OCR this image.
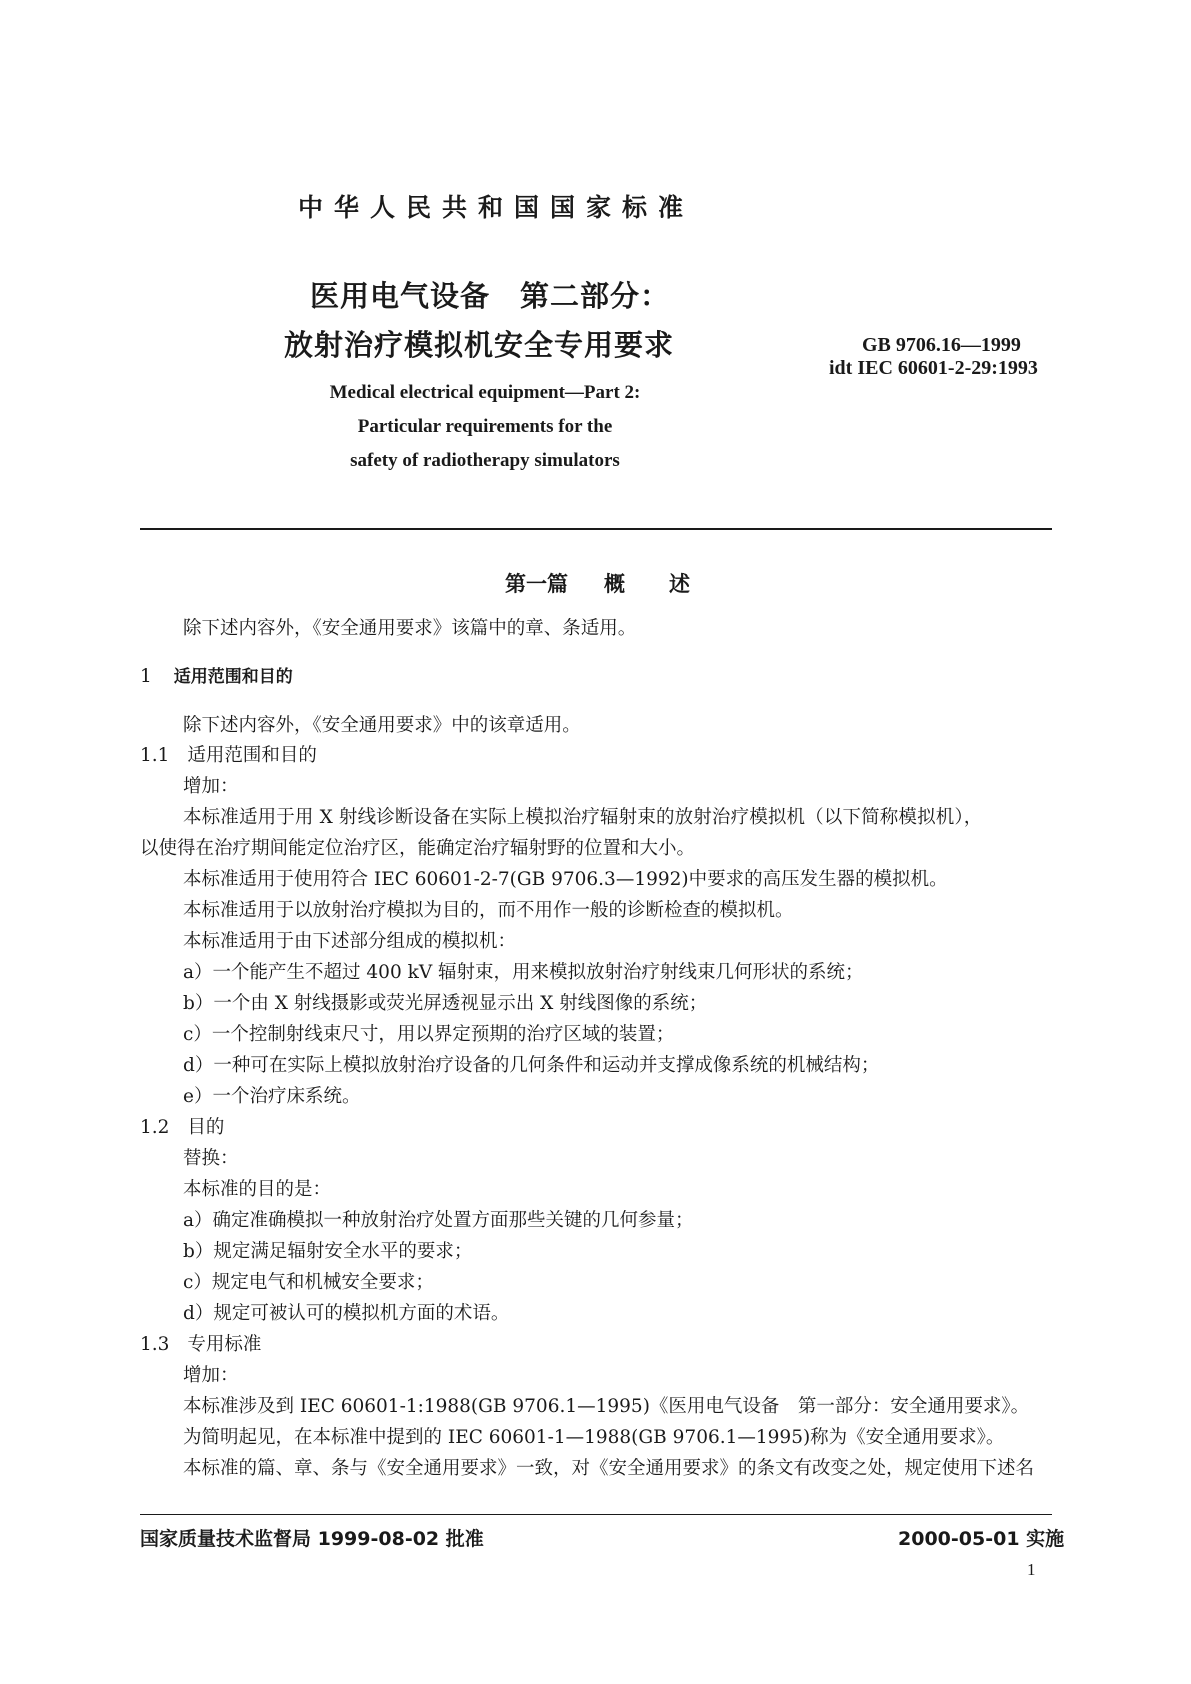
中华人民共和国国家标准
医用电气设备　第二部分：
放射治疗模拟机安全专用要求	GB 9706.16—1999
idt IEC 60601-2-29:1993
Medical electrical equipment—Part 2:
Particular requirements for the
safety of radiotherapy simulators
第一篇 概 述
除下述内容外，《安全通用要求》该篇中的章、条适用。
1 适用范围和目的
除下述内容外，《安全通用要求》中的该章适用。
1.1 适用范围和目的
增加：
本标准适用于用 X 射线诊断设备在实际上模拟治疗辐射束的放射治疗模拟机（以下简称模拟机），
以使得在治疗期间能定位治疗区，能确定治疗辐射野的位置和大小。
本标准适用于使用符合 IEC 60601-2-7(GB 9706.3—1992)中要求的高压发生器的模拟机。
本标准适用于以放射治疗模拟为目的，而不用作一般的诊断检查的模拟机。
本标准适用于由下述部分组成的模拟机：
a）一个能产生不超过 400 kV 辐射束，用来模拟放射治疗射线束几何形状的系统；
b）一个由 X 射线摄影或荧光屏透视显示出 X 射线图像的系统；
c）一个控制射线束尺寸，用以界定预期的治疗区域的装置；
d）一种可在实际上模拟放射治疗设备的几何条件和运动并支撑成像系统的机械结构；
e）一个治疗床系统。
1.2 目的
替换：
本标准的目的是：
a）确定准确模拟一种放射治疗处置方面那些关键的几何参量；
b）规定满足辐射安全水平的要求；
c）规定电气和机械安全要求；
d）规定可被认可的模拟机方面的术语。
1.3 专用标准
增加：
本标准涉及到 IEC 60601-1:1988(GB 9706.1—1995)《医用电气设备　第一部分：安全通用要求》。
为简明起见，在本标准中提到的 IEC 60601-1—1988(GB 9706.1—1995)称为《安全通用要求》。
本标准的篇、章、条与《安全通用要求》一致，对《安全通用要求》的条文有改变之处，规定使用下述名
国家质量技术监督局 1999-08-02 批准	2000-05-01 实施
1
